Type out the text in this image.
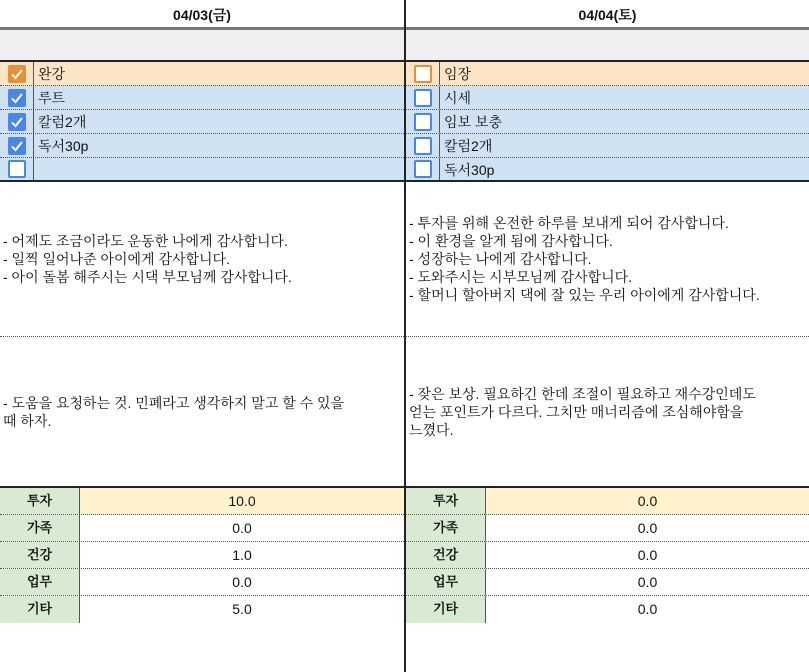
04/03(금)
완강
루트
칼럼2개
독서30p
- 어제도 조금이라도 운동한 나에게 감사합니다.
- 일찍 일어나준 아이에게 감사합니다.
- 아이 돌봄 해주시는 시댁 부모님께 감사합니다.
- 도움을 요청하는 것. 민폐라고 생각하지 말고 할 수 있을
때 하자.
투자	10.0
가족	0.0
건강	1.0
업무	0.0
기타	5.0
04/04(토)
임장
시세
임보 보충
칼럼2개
독서30p
- 투자를 위해 온전한 하루를 보내게 되어 감사합니다.
- 이 환경을 알게 됨에 감사합니다.
- 성장하는 나에게 감사합니다.
- 도와주시는 시부모님께 감사합니다.
- 할머니 할아버지 댁에 잘 있는 우리 아이에게 감사합니다.
- 잦은 보상. 필요하긴 한데 조절이 필요하고 재수강인데도
얻는 포인트가 다르다. 그치만 매너리즘에 조심해야함을
느꼈다.
투자	0.0
가족	0.0
건강	0.0
업무	0.0
기타	0.0
